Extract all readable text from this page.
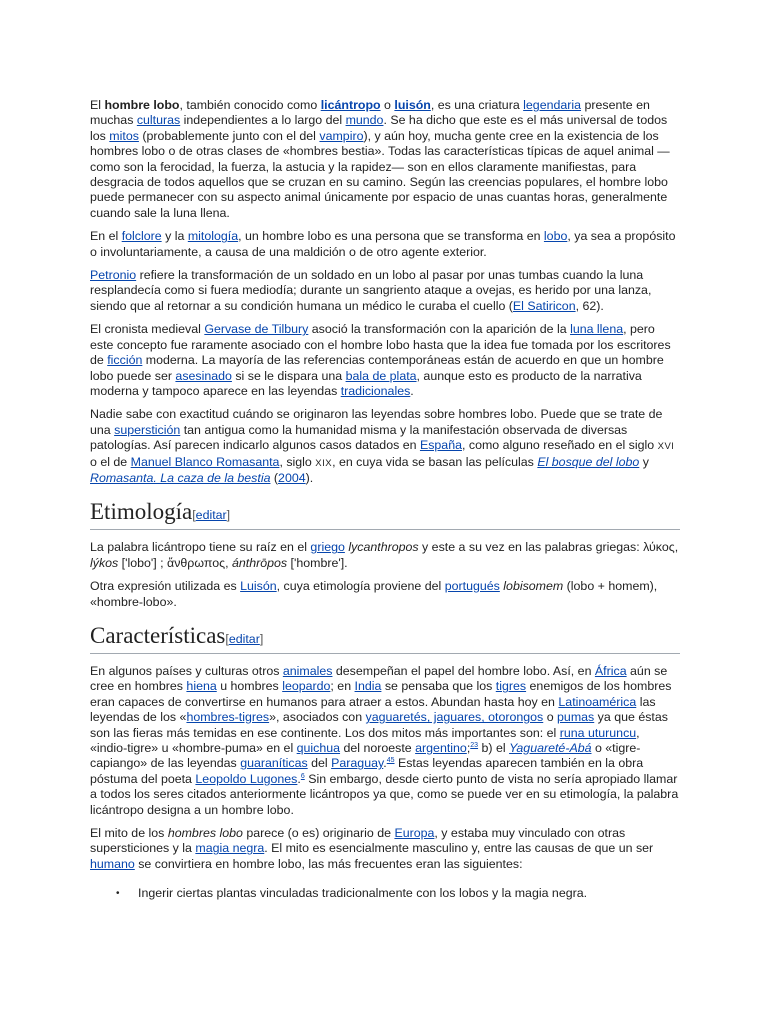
El hombre lobo, también conocido como licántropo o luisón, es una criatura legendaria presente en muchas culturas independientes a lo largo del mundo. Se ha dicho que este es el más universal de todos los mitos (probablemente junto con el del vampiro), y aún hoy, mucha gente cree en la existencia de los hombres lobo o de otras clases de «hombres bestia». Todas las características típicas de aquel animal —como son la ferocidad, la fuerza, la astucia y la rapidez— son en ellos claramente manifiestas, para desgracia de todos aquellos que se cruzan en su camino. Según las creencias populares, el hombre lobo puede permanecer con su aspecto animal únicamente por espacio de unas cuantas horas, generalmente cuando sale la luna llena.

En el folclore y la mitología, un hombre lobo es una persona que se transforma en lobo, ya sea a propósito o involuntariamente, a causa de una maldición o de otro agente exterior.

Petronio refiere la transformación de un soldado en un lobo al pasar por unas tumbas cuando la luna resplandecía como si fuera mediodía; durante un sangriento ataque a ovejas, es herido por una lanza, siendo que al retornar a su condición humana un médico le curaba el cuello (El Satiricon, 62).

El cronista medieval Gervase de Tilbury asoció la transformación con la aparición de la luna llena, pero este concepto fue raramente asociado con el hombre lobo hasta que la idea fue tomada por los escritores de ficción moderna. La mayoría de las referencias contemporáneas están de acuerdo en que un hombre lobo puede ser asesinado si se le dispara una bala de plata, aunque esto es producto de la narrativa moderna y tampoco aparece en las leyendas tradicionales.

Nadie sabe con exactitud cuándo se originaron las leyendas sobre hombres lobo. Puede que se trate de una superstición tan antigua como la humanidad misma y la manifestación observada de diversas patologías. Así parecen indicarlo algunos casos datados en España, como alguno reseñado en el siglo XVI o el de Manuel Blanco Romasanta, siglo XIX, en cuya vida se basan las películas El bosque del lobo y Romasanta. La caza de la bestia (2004).

Etimología[editar]

La palabra licántropo tiene su raíz en el griego lycanthropos y este a su vez en las palabras griegas: λύκος, lýkos ['lobo'] ; ἄνθρωπος, ánthrōpos ['hombre'].

Otra expresión utilizada es Luisón, cuya etimología proviene del portugués lobisomem (lobo + homem), «hombre-lobo».

Características[editar]

En algunos países y culturas otros animales desempeñan el papel del hombre lobo. Así, en África aún se cree en hombres hiena u hombres leopardo; en India se pensaba que los tigres enemigos de los hombres eran capaces de convertirse en humanos para atraer a estos. Abundan hasta hoy en Latinoamérica las leyendas de los «hombres-tigres», asociados con yaguaretés, jaguares, otorongos o pumas ya que éstas son las fieras más temidas en ese continente. Los dos mitos más importantes son: el runa uturuncu, «indio-tigre» u «hombre-puma» en el quichua del noroeste argentino;$^{23}$ b) el Yaguareté-Abá o «tigre-capiango» de las leyendas guaraníticas del Paraguay.$^{45}$ Estas leyendas aparecen también en la obra póstuma del poeta Leopoldo Lugones.$^6$ Sin embargo, desde cierto punto de vista no sería apropiado llamar a todos los seres citados anteriormente licántropos ya que, como se puede ver en su etimología, la palabra licántropo designa a un hombre lobo.

El mito de los hombres lobo parece (o es) originario de Europa, y estaba muy vinculado con otras supersticiones y la magia negra. El mito es esencialmente masculino y, entre las causas de que un ser humano se convirtiera en hombre lobo, las más frecuentes eran las siguientes:

• Ingerir ciertas plantas vinculadas tradicionalmente con los lobos y la magia negra.
